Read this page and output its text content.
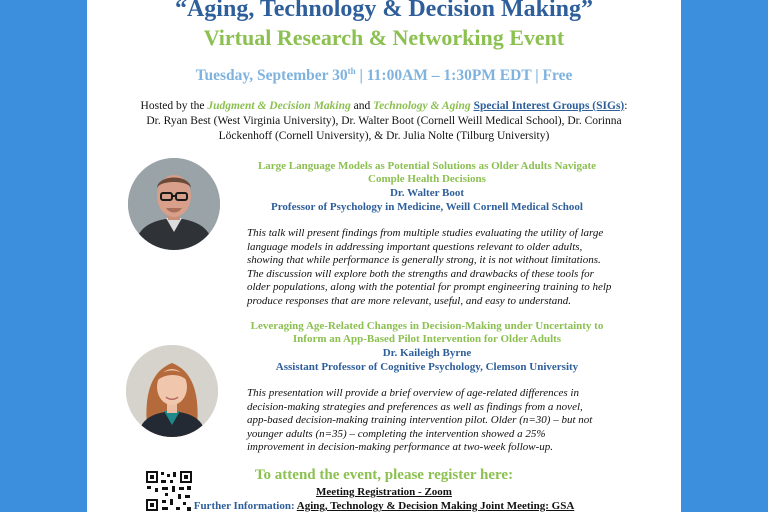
“Aging, Technology & Decision Making”
Virtual Research & Networking Event
Tuesday, September 30th | 11:00AM – 1:30PM EDT | Free
Hosted by the Judgment & Decision Making and Technology & Aging Special Interest Groups (SIGs):
Dr. Ryan Best (West Virginia University), Dr. Walter Boot (Cornell Weill Medical School), Dr. Corinna
Löckenhoff (Cornell University), & Dr. Julia Nolte (Tilburg University)
Large Language Models as Potential Solutions as Older Adults Navigate
Comple Health Decisions
Dr. Walter Boot
Professor of Psychology in Medicine, Weill Cornell Medical School
This talk will present findings from multiple studies evaluating the utility of large
language models in addressing important questions relevant to older adults,
showing that while performance is generally strong, it is not without limitations.
The discussion will explore both the strengths and drawbacks of these tools for
older populations, along with the potential for prompt engineering training to help
produce responses that are more relevant, useful, and easy to understand.
Leveraging Age-Related Changes in Decision-Making under Uncertainty to
Inform an App-Based Pilot Intervention for Older Adults
Dr. Kaileigh Byrne
Assistant Professor of Cognitive Psychology, Clemson University
This presentation will provide a brief overview of age-related differences in
decision-making strategies and preferences as well as findings from a novel,
app-based decision-making training intervention pilot. Older (n=30) – but not
younger adults (n=35) – completing the intervention showed a 25%
improvement in decision-making performance at two-week follow-up.
To attend the event, please register here:
Meeting Registration - Zoom
Further Information: Aging, Technology & Decision Making Joint Meeting: GSA
